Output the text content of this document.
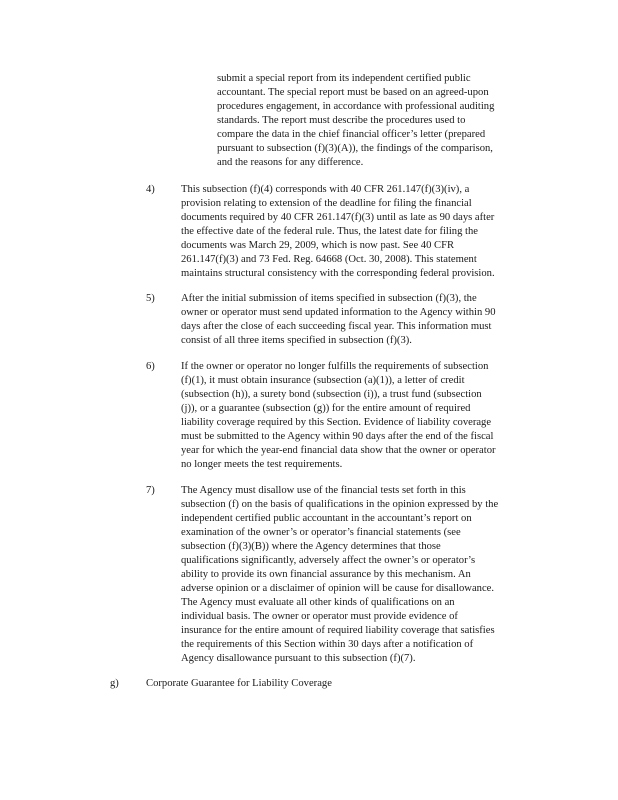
submit a special report from its independent certified public
accountant. The special report must be based on an agreed-upon
procedures engagement, in accordance with professional auditing
standards. The report must describe the procedures used to
compare the data in the chief financial officer’s letter (prepared
pursuant to subsection (f)(3)(A)), the findings of the comparison,
and the reasons for any difference.
4) This subsection (f)(4) corresponds with 40 CFR 261.147(f)(3)(iv), a
provision relating to extension of the deadline for filing the financial
documents required by 40 CFR 261.147(f)(3) until as late as 90 days after
the effective date of the federal rule. Thus, the latest date for filing the
documents was March 29, 2009, which is now past. See 40 CFR
261.147(f)(3) and 73 Fed. Reg. 64668 (Oct. 30, 2008). This statement
maintains structural consistency with the corresponding federal provision.
5) After the initial submission of items specified in subsection (f)(3), the
owner or operator must send updated information to the Agency within 90
days after the close of each succeeding fiscal year. This information must
consist of all three items specified in subsection (f)(3).
6) If the owner or operator no longer fulfills the requirements of subsection
(f)(1), it must obtain insurance (subsection (a)(1)), a letter of credit
(subsection (h)), a surety bond (subsection (i)), a trust fund (subsection
(j)), or a guarantee (subsection (g)) for the entire amount of required
liability coverage required by this Section. Evidence of liability coverage
must be submitted to the Agency within 90 days after the end of the fiscal
year for which the year-end financial data show that the owner or operator
no longer meets the test requirements.
7) The Agency must disallow use of the financial tests set forth in this
subsection (f) on the basis of qualifications in the opinion expressed by the
independent certified public accountant in the accountant’s report on
examination of the owner’s or operator’s financial statements (see
subsection (f)(3)(B)) where the Agency determines that those
qualifications significantly, adversely affect the owner’s or operator’s
ability to provide its own financial assurance by this mechanism. An
adverse opinion or a disclaimer of opinion will be cause for disallowance.
The Agency must evaluate all other kinds of qualifications on an
individual basis. The owner or operator must provide evidence of
insurance for the entire amount of required liability coverage that satisfies
the requirements of this Section within 30 days after a notification of
Agency disallowance pursuant to this subsection (f)(7).
g)	Corporate Guarantee for Liability Coverage
